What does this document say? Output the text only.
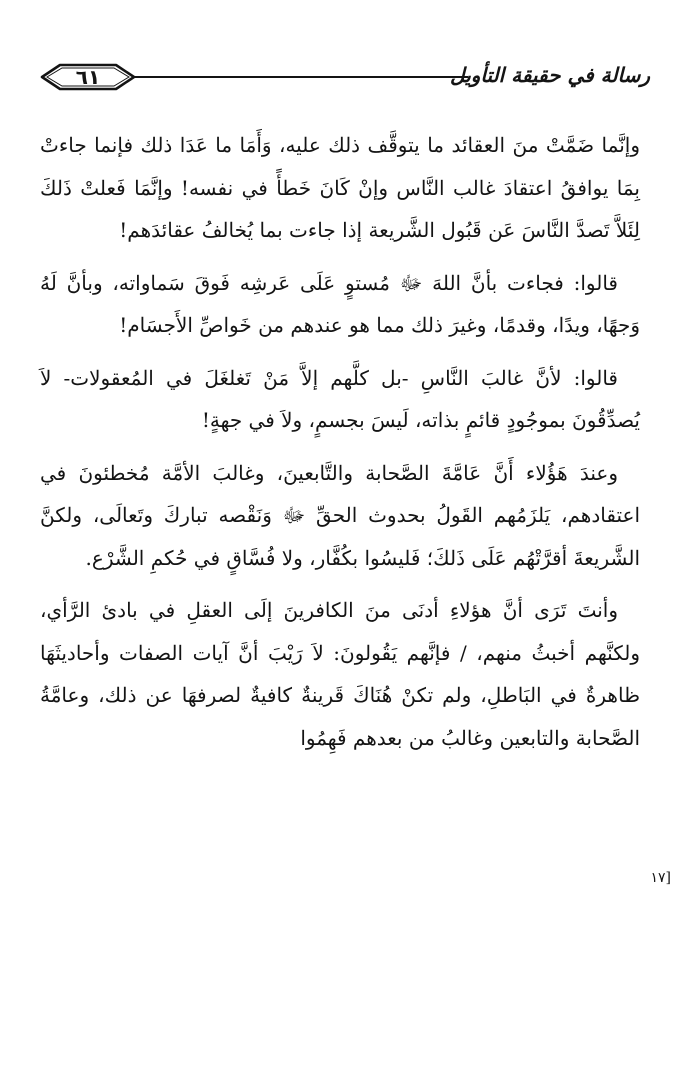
٦١	رسالة في حقيقة التأويل

وإنَّما ضَمَّتْ منَ العقائد ما يتوقَّف ذلك عليه، وَأَمَا ما عَدَا ذلك فإنما جاءتْ بِمَا يوافقُ اعتقادَ غالب النَّاس وإنْ كَانَ خَطأً في نفسه! وإنَّمَا فَعلتْ ذَلكَ لِئَلاَّ تَصدَّ النَّاسَ عَن قَبُول الشَّريعة إذا جاءت بما يُخالفُ عقائدَهم!

قالوا: فجاءت بأنَّ اللهَ ﷻ مُستوٍ عَلَى عَرشِه فَوقَ سَماواته، وبأنَّ لَهُ وَجهًا، ويدًا، وقدمًا، وغيرَ ذلك مما هو عندهم من خَواصِّ الأَجسَام!

قالوا: لأنَّ غالبَ النَّاسِ -بل كلَّهم إلاَّ مَنْ تَغلغَلَ في المُعقولات- لاَ يُصدِّقُونَ بموجُودٍ قائمٍ بذاته، لَيسَ بجسمٍ، ولاَ في جهةٍ!

وعندَ هَؤُلاء أَنَّ عَامَّةَ الصَّحابة والتَّابعينَ، وغالبَ الأمَّة مُخطئونَ في اعتقادهم، يَلزَمُهم القَولُ بحدوث الحقِّ ﷻ وَنَقْصه تباركَ وتَعالَى، ولكنَّ الشَّريعةَ أقرَّتْهُم عَلَى ذَلكَ؛ فَليسُوا بكُفَّار، ولا فُسَّاقٍ في حُكمِ الشَّرْع.

وأنتَ تَرَى أنَّ هؤلاءِ أدنَى منَ الكافرينَ إلَى العقلِ في بادئ الرَّأي، ولكنَّهم أخبثُ منهم، / فإنَّهم يَقُولونَ: لاَ رَيْبَ أنَّ آيات الصفات وأحاديثَهَا ظاهرةٌ في البَاطلِ، ولم تكنْ هُنَاكَ قَرينةٌ كافيةٌ لصرفهَا عن ذلك، وعامَّةُ الصَّحابة والتابعين وغالبُ من بعدهم فَهِمُوا

١٧]
